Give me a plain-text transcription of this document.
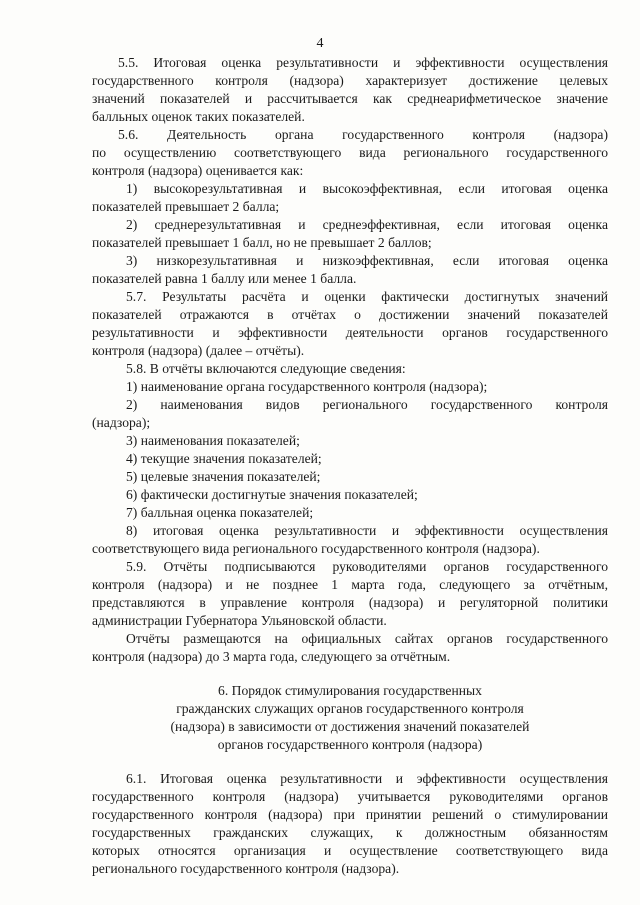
4
5.5. Итоговая оценка результативности и эффективности осуществления
государственного контроля (надзора) характеризует достижение целевых
значений показателей и рассчитывается как среднеарифметическое значение
балльных оценок таких показателей.
5.6. Деятельность органа государственного контроля (надзора)
по осуществлению соответствующего вида регионального государственного
контроля (надзора) оценивается как:
1) высокорезультативная и высокоэффективная, если итоговая оценка
показателей превышает 2 балла;
2) среднерезультативная и среднеэффективная, если итоговая оценка
показателей превышает 1 балл, но не превышает 2 баллов;
3) низкорезультативная и низкоэффективная, если итоговая оценка
показателей равна 1 баллу или менее 1 балла.
5.7. Результаты расчёта и оценки фактически достигнутых значений
показателей отражаются в отчётах о достижении значений показателей
результативности и эффективности деятельности органов государственного
контроля (надзора) (далее – отчёты).
5.8. В отчёты включаются следующие сведения:
1) наименование органа государственного контроля (надзора);
2) наименования видов регионального государственного контроля
(надзора);
3) наименования показателей;
4) текущие значения показателей;
5) целевые значения показателей;
6) фактически достигнутые значения показателей;
7) балльная оценка показателей;
8) итоговая оценка результативности и эффективности осуществления
соответствующего вида регионального государственного контроля (надзора).
5.9. Отчёты подписываются руководителями органов государственного
контроля (надзора) и не позднее 1 марта года, следующего за отчётным,
представляются в управление контроля (надзора) и регуляторной политики
администрации Губернатора Ульяновской области.
Отчёты размещаются на официальных сайтах органов государственного
контроля (надзора) до 3 марта года, следующего за отчётным.
6. Порядок стимулирования государственных
гражданских служащих органов государственного контроля
(надзора) в зависимости от достижения значений показателей
органов государственного контроля (надзора)
6.1. Итоговая оценка результативности и эффективности осуществления
государственного контроля (надзора) учитывается руководителями органов
государственного контроля (надзора) при принятии решений о стимулировании
государственных гражданских служащих, к должностным обязанностям
которых относятся организация и осуществление соответствующего вида
регионального государственного контроля (надзора).
